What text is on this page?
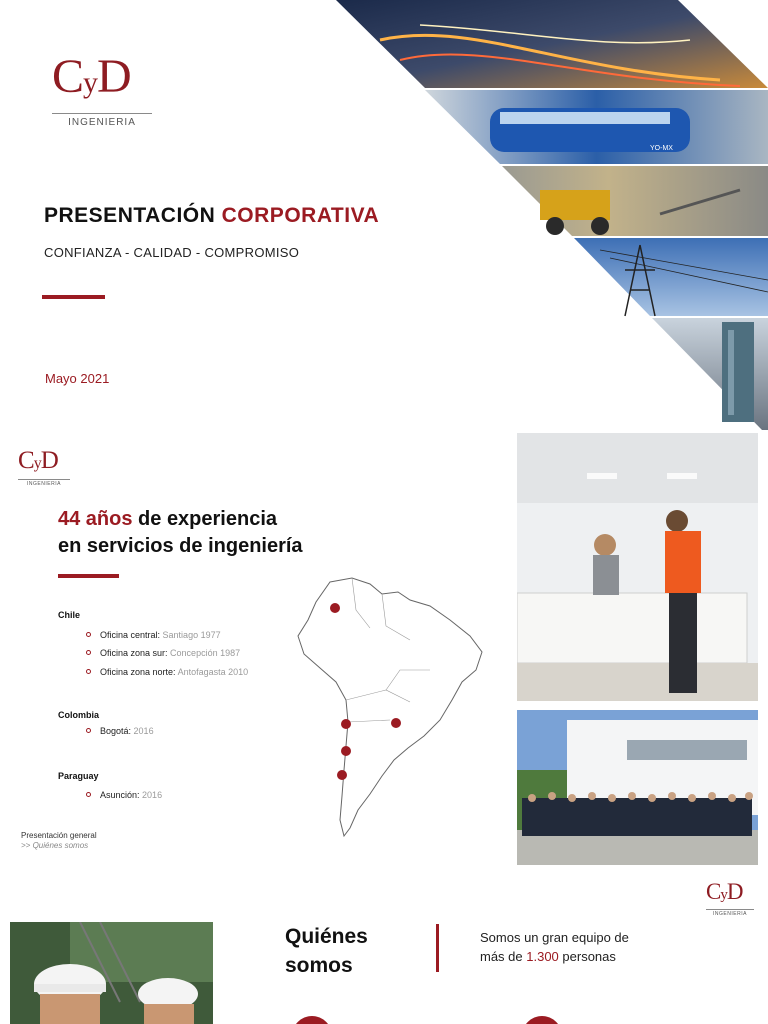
YO-MX
CyD
INGENIERIA
PRESENTACIÓN CORPORATIVA
CONFIANZA - CALIDAD - COMPROMISO
Mayo 2021
CyD
INGENIERIA
44 años de experiencia
en servicios de ingeniería
Chile
Oficina central: Santiago 1977
Oficina zona sur: Concepción 1987
Oficina zona norte: Antofagasta 2010
Colombia
Bogotá: 2016
Paraguay
Asunción: 2016
Presentación general
>> Quiénes somos
CyD
INGENIERIA
Quiénes
somos
Somos un gran equipo de
más de 1.300 personas
